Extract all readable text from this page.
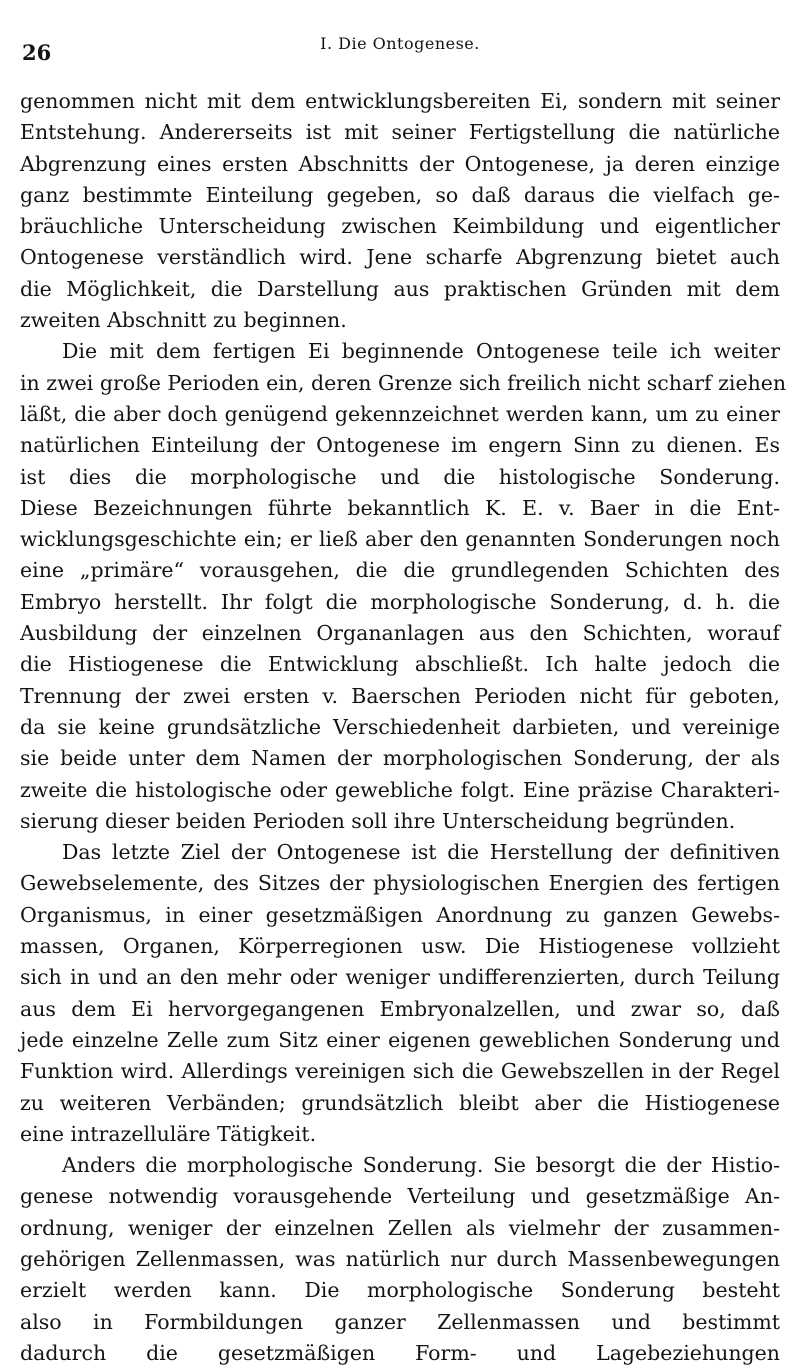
26	I. Die Ontogenese.
genommen nicht mit dem entwicklungsbereiten Ei, sondern mit seiner
Entstehung. Andererseits ist mit seiner Fertigstellung die natürliche
Abgrenzung eines ersten Abschnitts der Ontogenese, ja deren einzige
ganz bestimmte Einteilung gegeben, so daß daraus die vielfach ge-
bräuchliche Unterscheidung zwischen Keimbildung und eigentlicher
Ontogenese verständlich wird. Jene scharfe Abgrenzung bietet auch
die Möglichkeit, die Darstellung aus praktischen Gründen mit dem
zweiten Abschnitt zu beginnen.
Die mit dem fertigen Ei beginnende Ontogenese teile ich weiter
in zwei große Perioden ein, deren Grenze sich freilich nicht scharf ziehen
läßt, die aber doch genügend gekennzeichnet werden kann, um zu einer
natürlichen Einteilung der Ontogenese im engern Sinn zu dienen. Es
ist dies die morphologische und die histologische Sonderung.
Diese Bezeichnungen führte bekanntlich K. E. v. Baer in die Ent-
wicklungsgeschichte ein; er ließ aber den genannten Sonderungen noch
eine „primäre“ vorausgehen, die die grundlegenden Schichten des
Embryo herstellt. Ihr folgt die morphologische Sonderung, d. h. die
Ausbildung der einzelnen Organanlagen aus den Schichten, worauf
die Histiogenese die Entwicklung abschließt. Ich halte jedoch die
Trennung der zwei ersten v. Baerschen Perioden nicht für geboten,
da sie keine grundsätzliche Verschiedenheit darbieten, und vereinige
sie beide unter dem Namen der morphologischen Sonderung, der als
zweite die histologische oder gewebliche folgt. Eine präzise Charakteri-
sierung dieser beiden Perioden soll ihre Unterscheidung begründen.
Das letzte Ziel der Ontogenese ist die Herstellung der definitiven
Gewebselemente, des Sitzes der physiologischen Energien des fertigen
Organismus, in einer gesetzmäßigen Anordnung zu ganzen Gewebs-
massen, Organen, Körperregionen usw. Die Histiogenese vollzieht
sich in und an den mehr oder weniger undifferenzierten, durch Teilung
aus dem Ei hervorgegangenen Embryonalzellen, und zwar so, daß
jede einzelne Zelle zum Sitz einer eigenen geweblichen Sonderung und
Funktion wird. Allerdings vereinigen sich die Gewebszellen in der Regel
zu weiteren Verbänden; grundsätzlich bleibt aber die Histiogenese
eine intrazelluläre Tätigkeit.
Anders die morphologische Sonderung. Sie besorgt die der Histio-
genese notwendig vorausgehende Verteilung und gesetzmäßige An-
ordnung, weniger der einzelnen Zellen als vielmehr der zusammen-
gehörigen Zellenmassen, was natürlich nur durch Massenbewegungen
erzielt werden kann. Die morphologische Sonderung besteht
also in Formbildungen ganzer Zellenmassen und bestimmt
dadurch die gesetzmäßigen Form- und Lagebeziehungen
